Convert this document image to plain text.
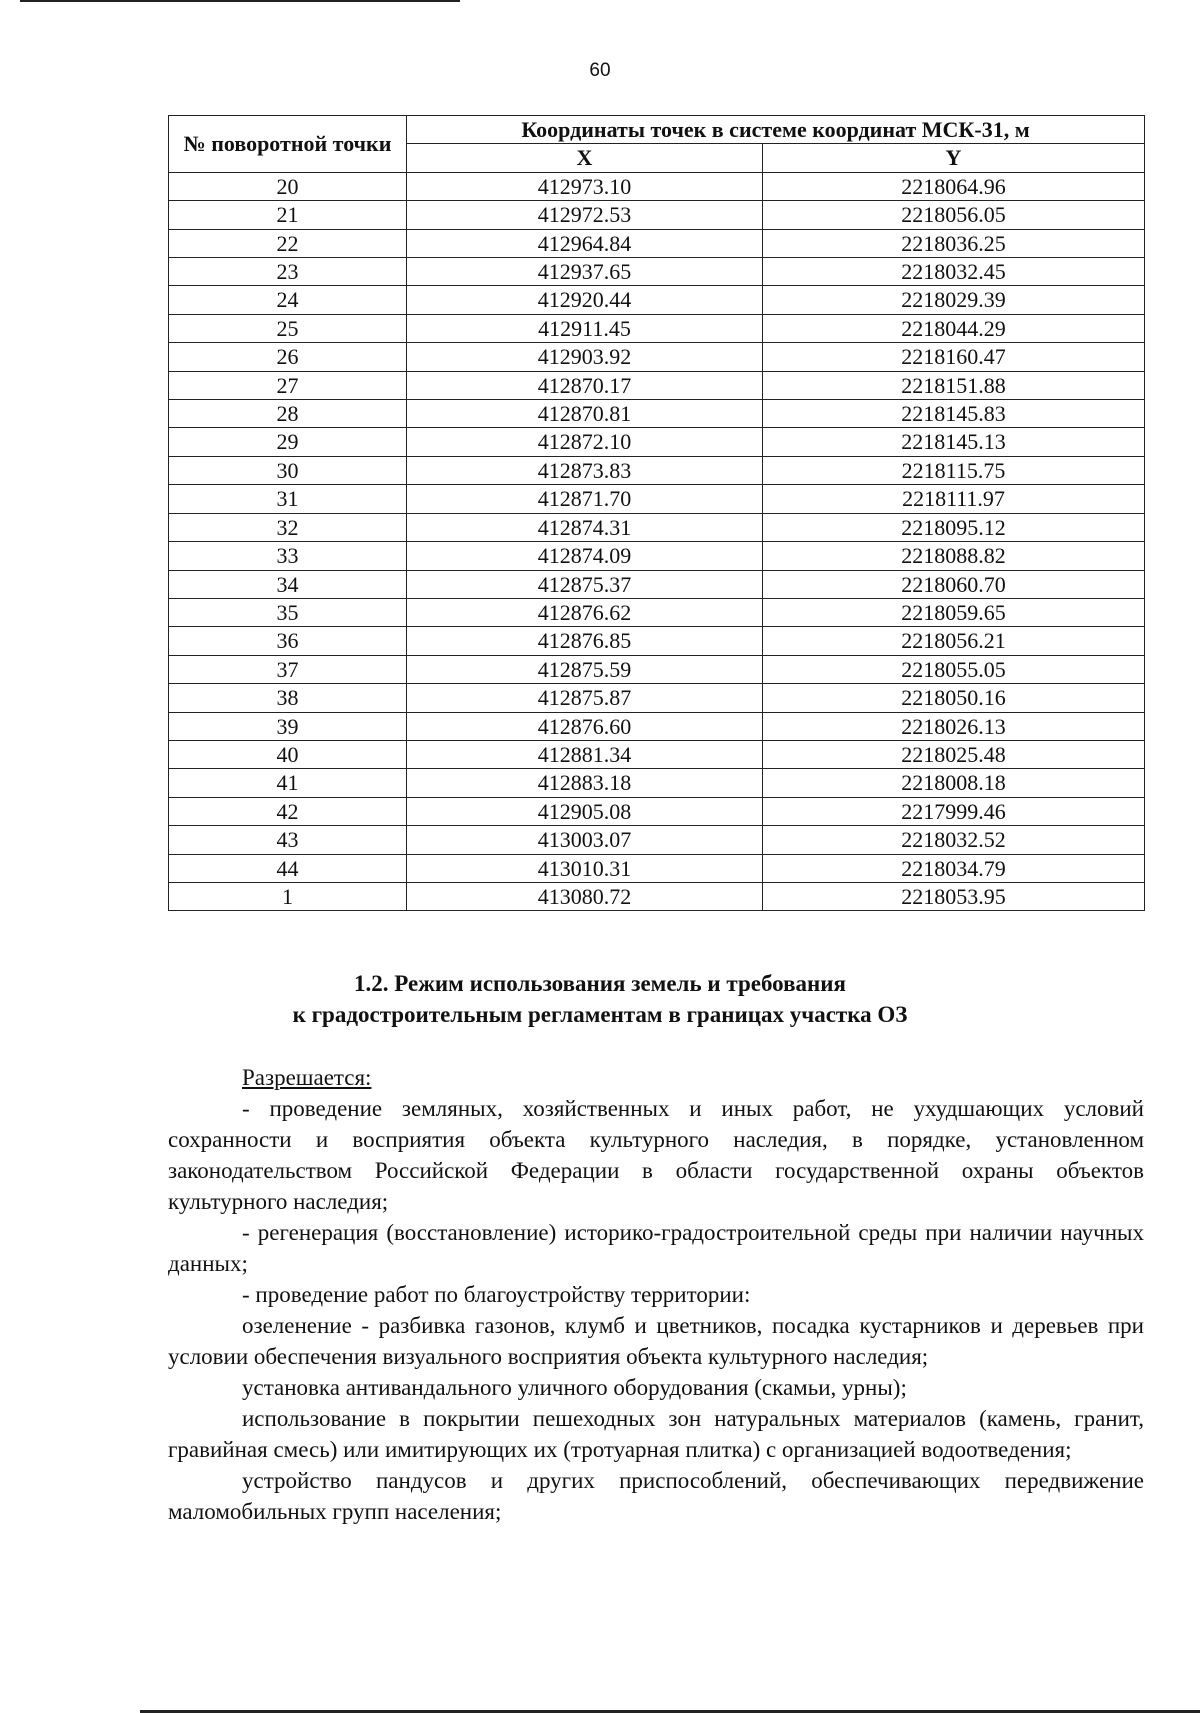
60
№ поворотной точки	Координаты точек в системе координат МСК-31, м	
	X	Y
20	412973.10	2218064.96
21	412972.53	2218056.05
22	412964.84	2218036.25
23	412937.65	2218032.45
24	412920.44	2218029.39
25	412911.45	2218044.29
26	412903.92	2218160.47
27	412870.17	2218151.88
28	412870.81	2218145.83
29	412872.10	2218145.13
30	412873.83	2218115.75
31	412871.70	2218111.97
32	412874.31	2218095.12
33	412874.09	2218088.82
34	412875.37	2218060.70
35	412876.62	2218059.65
36	412876.85	2218056.21
37	412875.59	2218055.05
38	412875.87	2218050.16
39	412876.60	2218026.13
40	412881.34	2218025.48
41	412883.18	2218008.18
42	412905.08	2217999.46
43	413003.07	2218032.52
44	413010.31	2218034.79
1	413080.72	2218053.95
1.2. Режим использования земель и требования
к градостроительным регламентам в границах участка ОЗ

Разрешается:

- проведение земляных, хозяйственных и иных работ, не ухудшающих условий сохранности и восприятия объекта культурного наследия, в порядке, установленном законодательством Российской Федерации в области государственной охраны объектов культурного наследия;

- регенерация (восстановление) историко-градостроительной среды при наличии научных данных;

- проведение работ по благоустройству территории:

озеленение - разбивка газонов, клумб и цветников, посадка кустарников и деревьев при условии обеспечения визуального восприятия объекта культурного наследия;

установка антивандального уличного оборудования (скамьи, урны);

использование в покрытии пешеходных зон натуральных материалов (камень, гранит, гравийная смесь) или имитирующих их (тротуарная плитка) с организацией водоотведения;

устройство пандусов и других приспособлений, обеспечивающих передвижение маломобильных групп населения;
